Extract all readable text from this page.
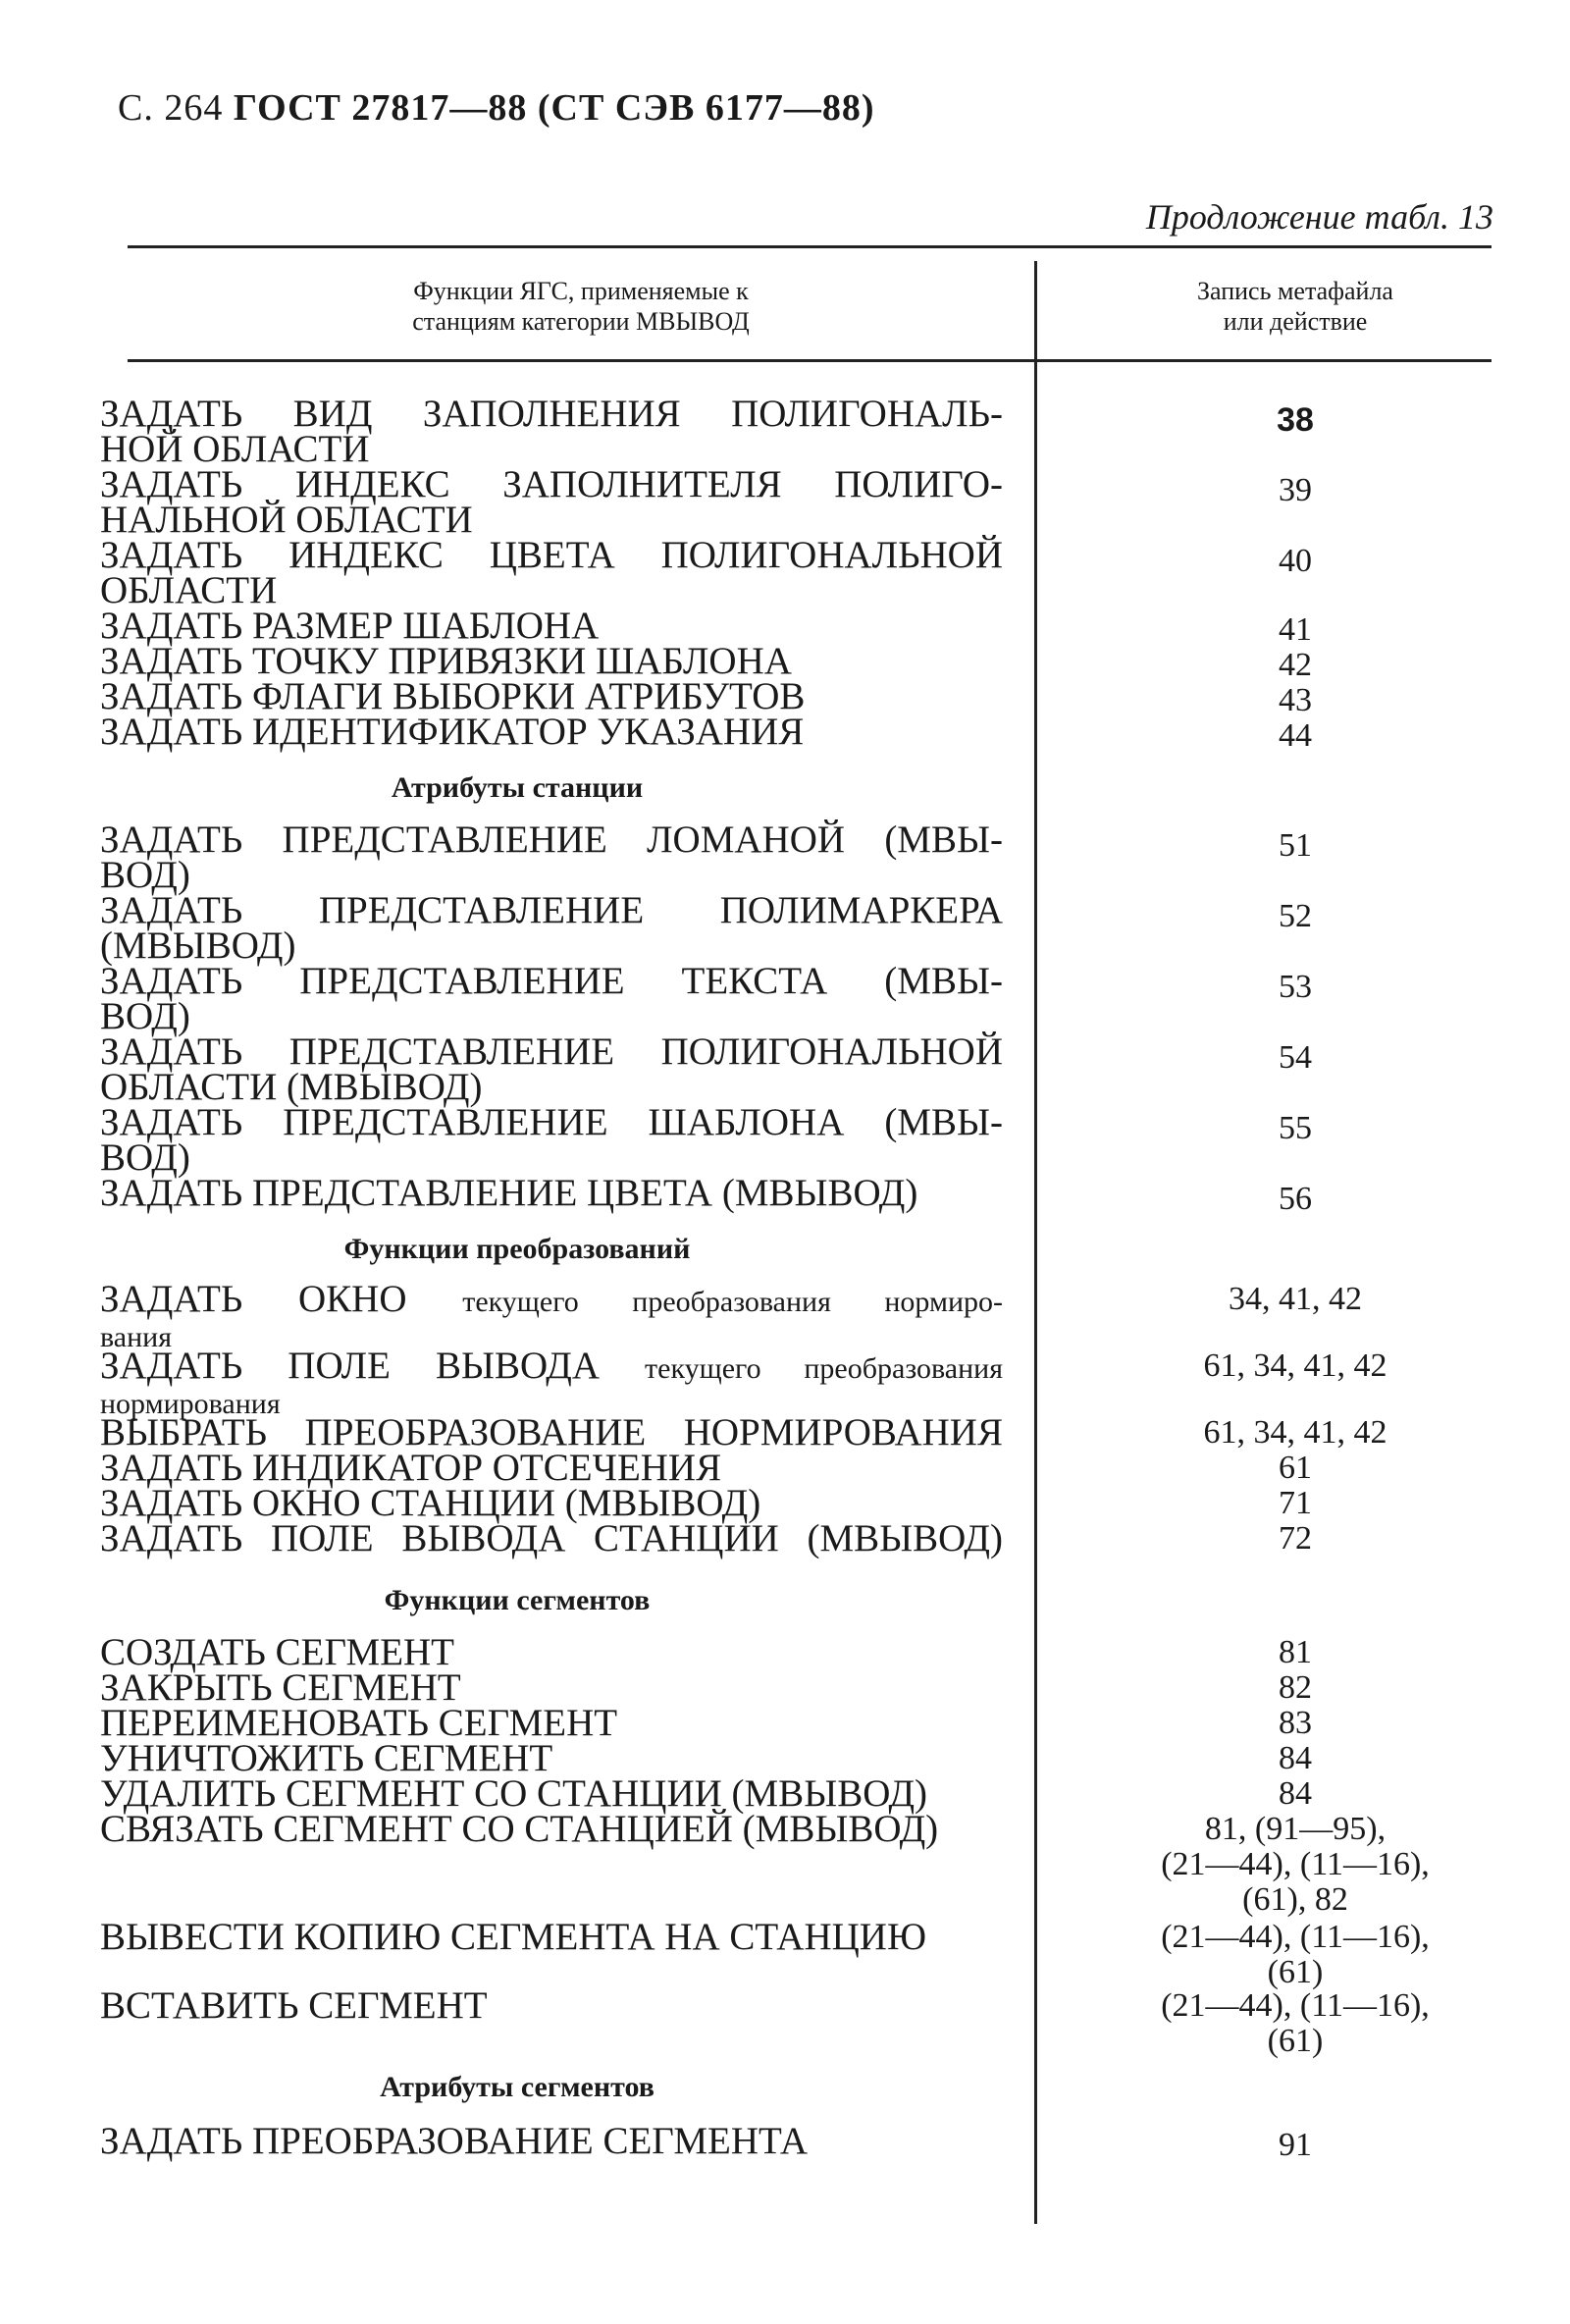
С. 264 ГОСТ 27817—88 (СТ СЭВ 6177—88)
Продложение табл. 13
Функции ЯГС, применяемые к
станциям категории МВЫВОД
Запись метафайла
или действие
ЗАДАТЬ ВИД ЗАПОЛНЕНИЯ ПОЛИГОНАЛЬ-
НОЙ ОБЛАСТИ
38
ЗАДАТЬ ИНДЕКС ЗАПОЛНИТЕЛЯ ПОЛИГО-
НАЛЬНОЙ ОБЛАСТИ
39
ЗАДАТЬ ИНДЕКС ЦВЕТА ПОЛИГОНАЛЬНОЙ
ОБЛАСТИ
40
ЗАДАТЬ РАЗМЕР ШАБЛОНА	41
ЗАДАТЬ ТОЧКУ ПРИВЯЗКИ ШАБЛОНА	42
ЗАДАТЬ ФЛАГИ ВЫБОРКИ АТРИБУТОВ	43
ЗАДАТЬ ИДЕНТИФИКАТОР УКАЗАНИЯ	44
Атрибуты станции
ЗАДАТЬ ПРЕДСТАВЛЕНИЕ ЛОМАНОЙ (МВЫ-
ВОД)
51
ЗАДАТЬ ПРЕДСТАВЛЕНИЕ ПОЛИМАРКЕРА
(МВЫВОД)
52
ЗАДАТЬ ПРЕДСТАВЛЕНИЕ ТЕКСТА (МВЫ-
ВОД)
53
ЗАДАТЬ ПРЕДСТАВЛЕНИЕ ПОЛИГОНАЛЬНОЙ
ОБЛАСТИ (МВЫВОД)
54
ЗАДАТЬ ПРЕДСТАВЛЕНИЕ ШАБЛОНА (МВЫ-
ВОД)
55
ЗАДАТЬ ПРЕДСТАВЛЕНИЕ ЦВЕТА (МВЫВОД)	56
Функции преобразований
ЗАДАТЬ ОКНО текущего преобразования нормиро-
вания
34, 41, 42
ЗАДАТЬ ПОЛЕ ВЫВОДА текущего преобразования
нормирования
61, 34, 41, 42
ВЫБРАТЬ ПРЕОБРАЗОВАНИЕ НОРМИРОВАНИЯ	61, 34, 41, 42
ЗАДАТЬ ИНДИКАТОР ОТСЕЧЕНИЯ	61
ЗАДАТЬ ОКНО СТАНЦИИ (МВЫВОД)	71
ЗАДАТЬ ПОЛЕ ВЫВОДА СТАНЦИИ (МВЫВОД)	72
Функции сегментов
СОЗДАТЬ СЕГМЕНТ	81
ЗАКРЫТЬ СЕГМЕНТ	82
ПЕРЕИМЕНОВАТЬ СЕГМЕНТ	83
УНИЧТОЖИТЬ СЕГМЕНТ	84
УДАЛИТЬ СЕГМЕНТ СО СТАНЦИИ (МВЫВОД)	84
СВЯЗАТЬ СЕГМЕНТ СО СТАНЦИЕЙ (МВЫВОД)	81, (91—95),
(21—44), (11—16),
(61), 82
ВЫВЕСТИ КОПИЮ СЕГМЕНТА НА СТАНЦИЮ	(21—44), (11—16),
(61)
ВСТАВИТЬ СЕГМЕНТ	(21—44), (11—16),
(61)
Атрибуты сегментов
ЗАДАТЬ ПРЕОБРАЗОВАНИЕ СЕГМЕНТА	91
